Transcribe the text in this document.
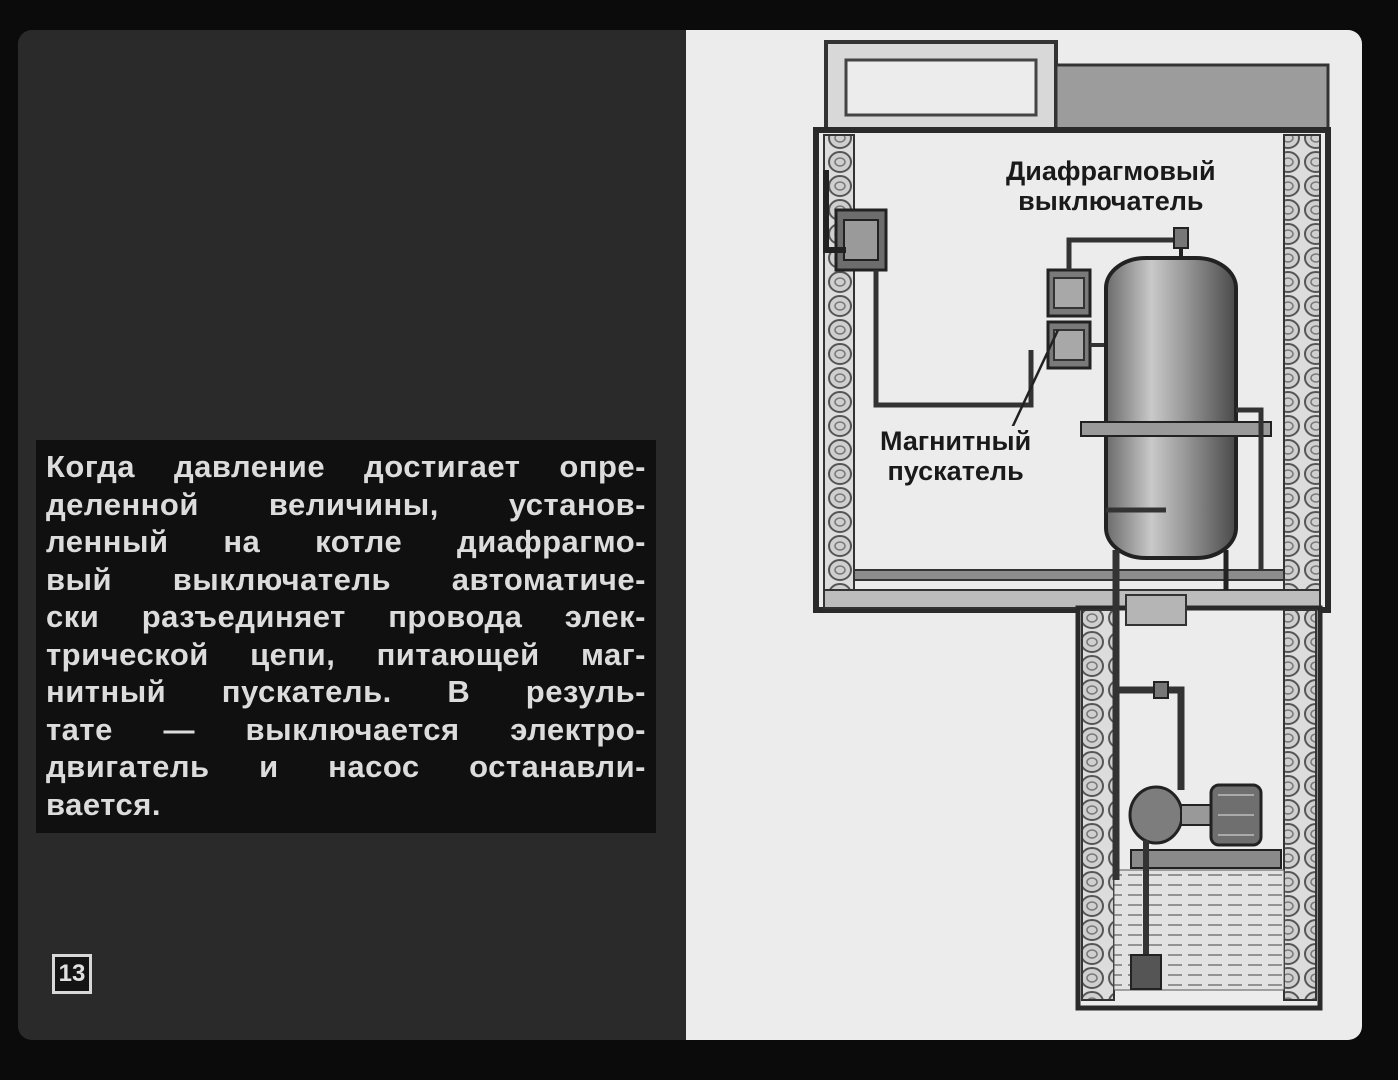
Когда давление достигает опре-
деленной величины, установ-
ленный на котле диафрагмо-
вый выключатель автоматиче-
ски разъединяет провода элек-
трической цепи, питающей маг-
нитный пускатель. В резуль-
тате — выключается электро-
двигатель и насос останавли-
вается.
13
Диафрагмовый
выключатель
Магнитный
пускатель
